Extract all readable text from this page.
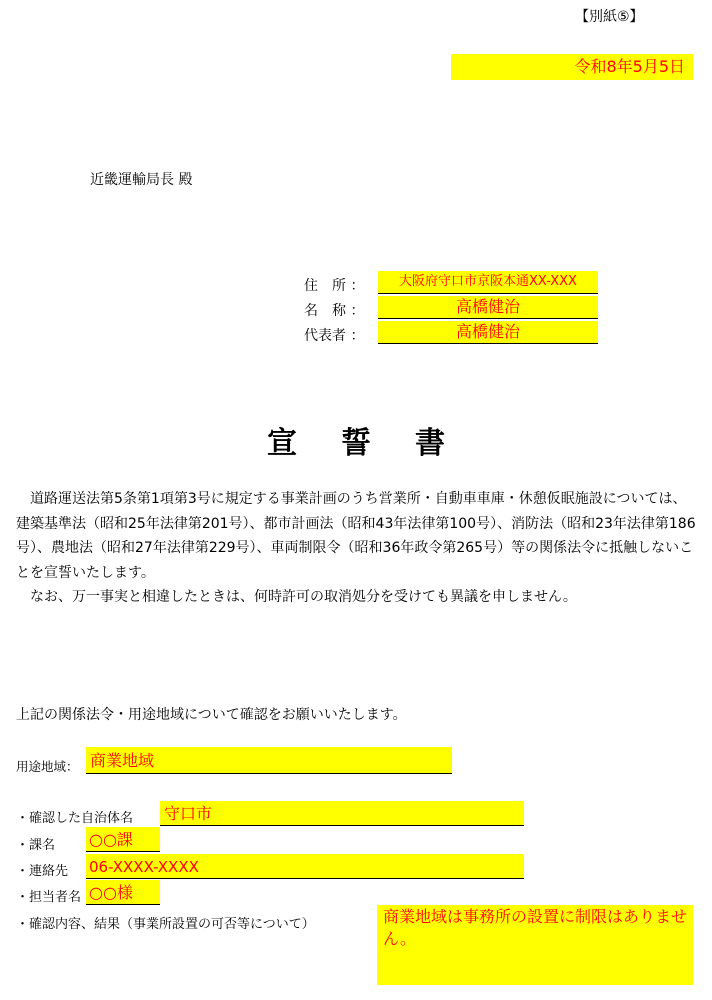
【別紙⑤】
令和8年5月5日
近畿運輸局長 殿
住　所 ：	大阪府守口市京阪本通XX-XXX
名　称 ：	高橋健治
代表者 ：	高橋健治
宣誓書

　道路運送法第5条第1項第3号に規定する事業計画のうち営業所・自動車車庫・休憩仮眠施設については、建築基準法（昭和25年法律第201号）、都市計画法（昭和43年法律第100号）、消防法（昭和23年法律第186号）、農地法（昭和27年法律第229号）、車両制限令（昭和36年政令第265号）等の関係法令に抵触しないことを宣誓いたします。

　なお、万一事実と相違したときは、何時許可の取消処分を受けても異議を申しません。

上記の関係法令・用途地域について確認をお願いいたします。
用途地域： 商業地域
・確認した自治体名 守口市
・課名 ○○課
・連絡先 06-XXXX-XXXX
・担当者名 ○○様
・確認内容、結果（事業所設置の可否等について）	商業地域は事務所の設置に制限はありません。
